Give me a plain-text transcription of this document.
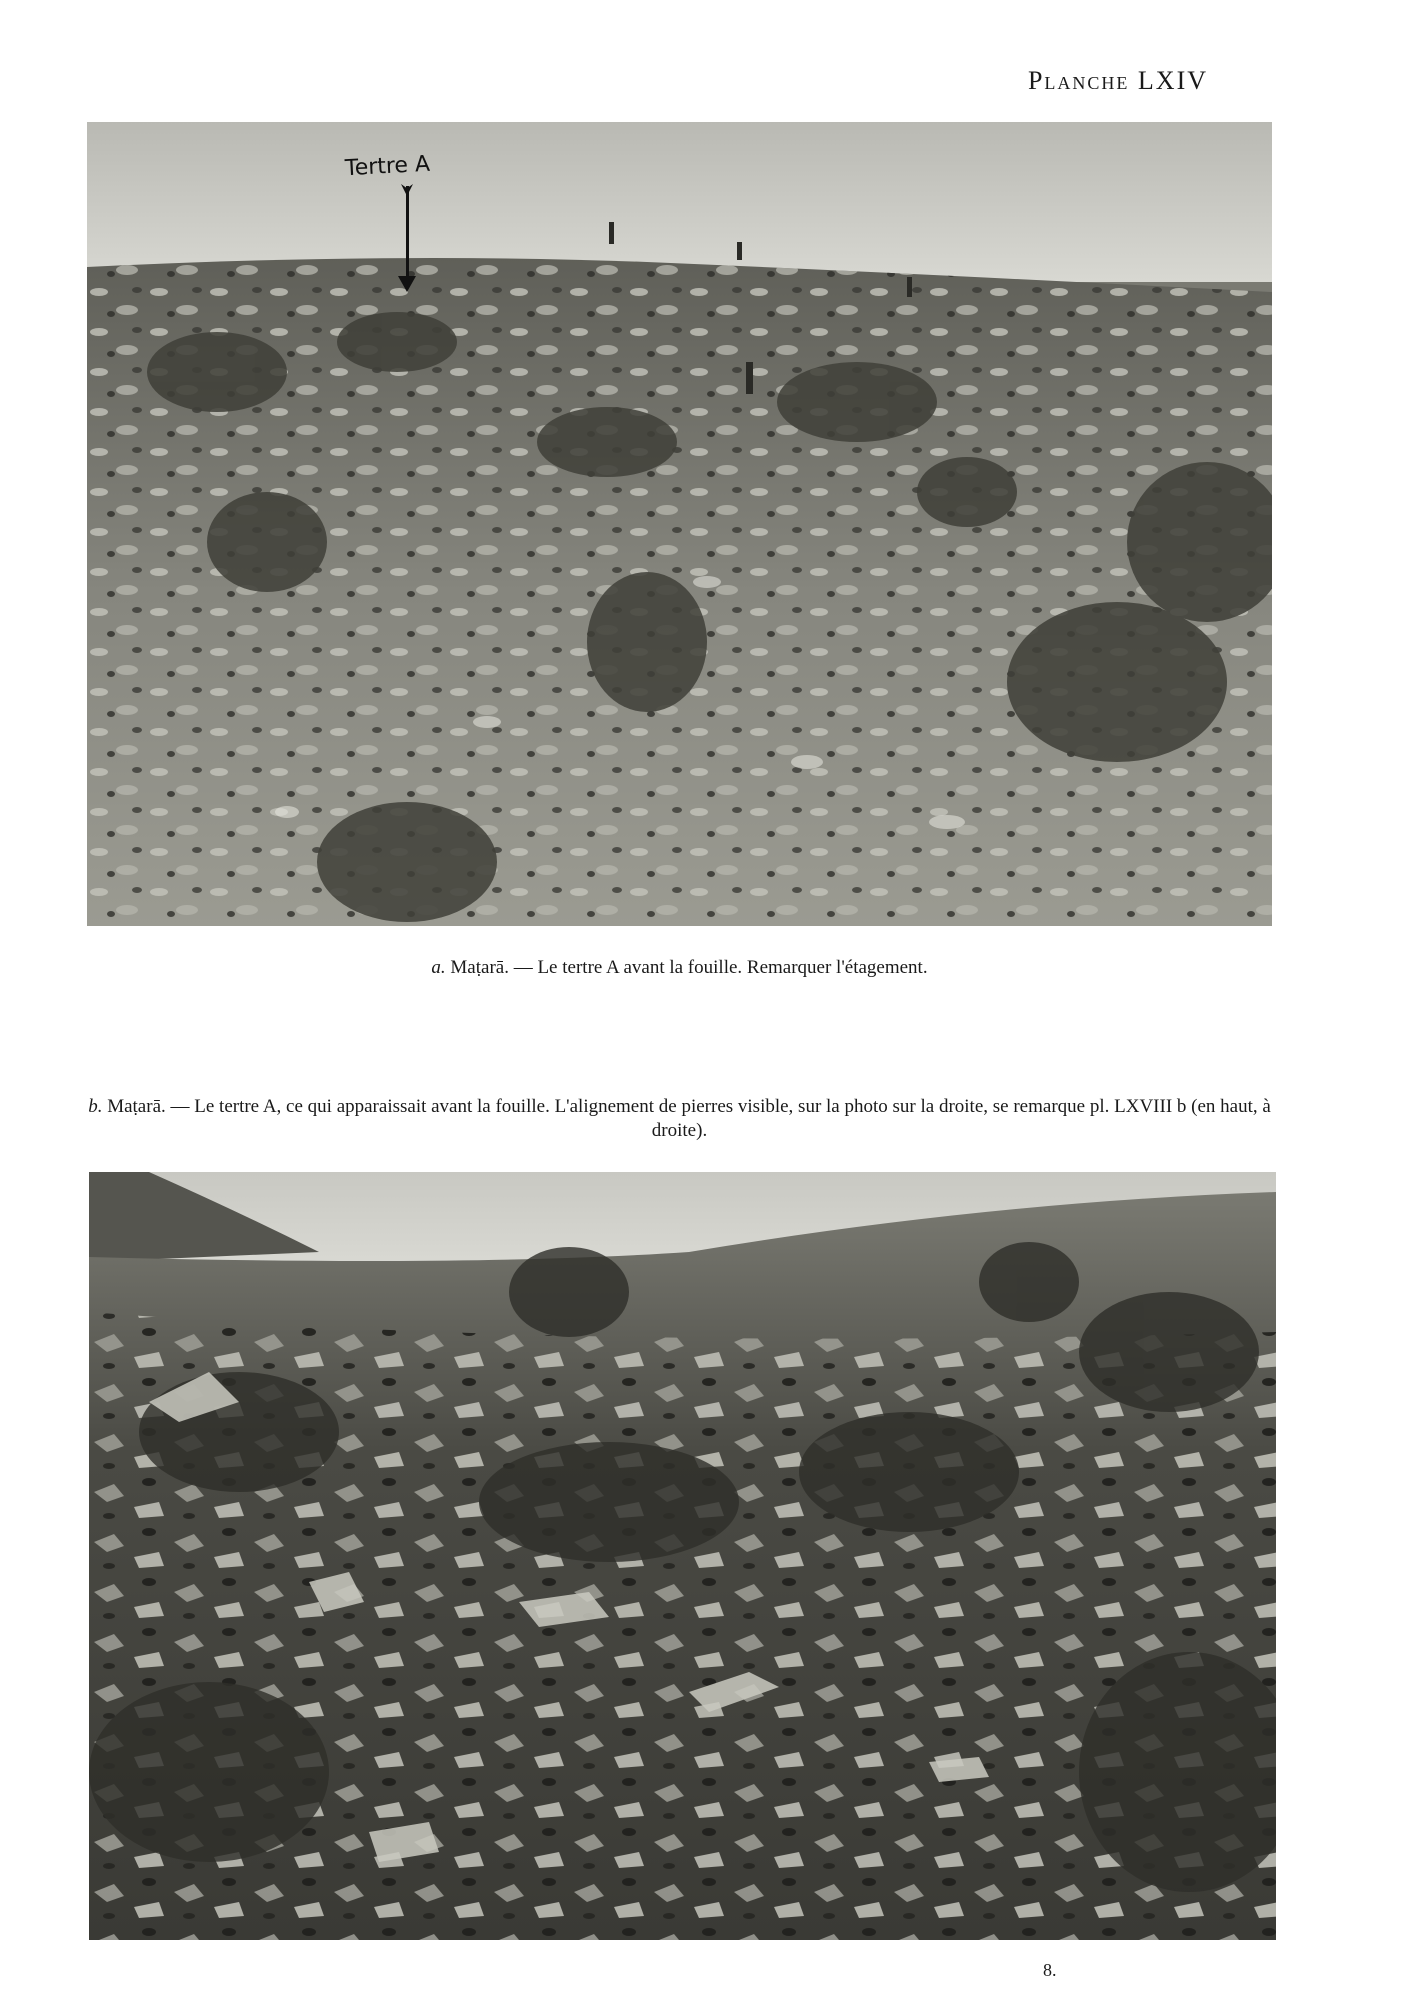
Planche LXIV
Tertre A
a. Maṭarā. — Le tertre A avant la fouille. Remarquer l'étagement.
b. Maṭarā. — Le tertre A, ce qui apparaissait avant la fouille. L'alignement de pierres visible, sur la photo sur la droite, se remarque pl. LXVIII b (en haut, à droite).
8.
